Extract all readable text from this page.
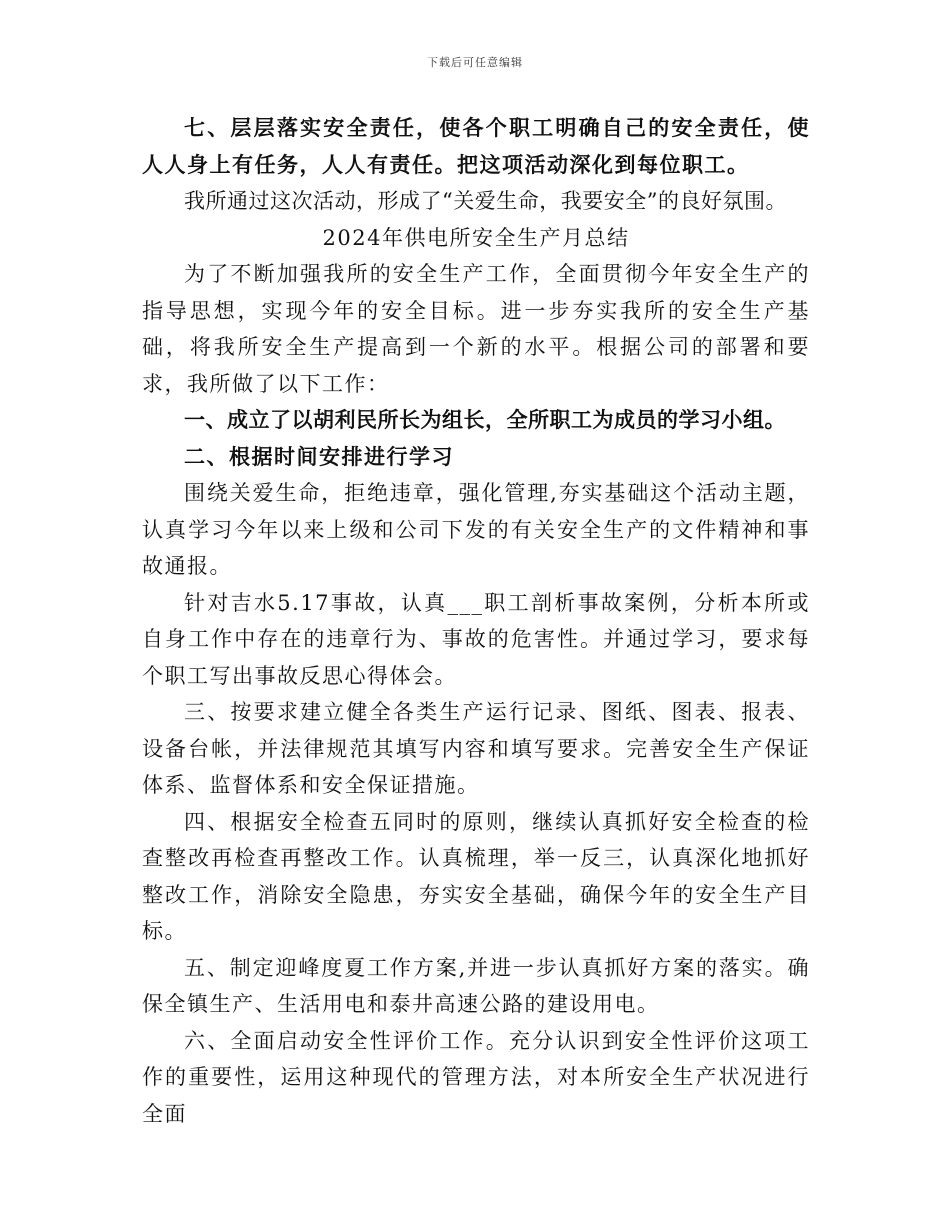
下载后可任意编辑

七、层层落实安全责任，使各个职工明确自己的安全责任，使人人身上有任务，人人有责任。把这项活动深化到每位职工。

我所通过这次活动，形成了“关爱生命，我要安全”的良好氛围。

2024年供电所安全生产月总结

为了不断加强我所的安全生产工作，全面贯彻今年安全生产的指导思想，实现今年的安全目标。进一步夯实我所的安全生产基础，将我所安全生产提高到一个新的水平。根据公司的部署和要求，我所做了以下工作：

一、成立了以胡利民所长为组长，全所职工为成员的学习小组。

二、根据时间安排进行学习

围绕关爱生命，拒绝违章，强化管理,夯实基础这个活动主题，认真学习今年以来上级和公司下发的有关安全生产的文件精神和事故通报。

针对吉水5.17事故，认真___职工剖析事故案例，分析本所或自身工作中存在的违章行为、事故的危害性。并通过学习，要求每个职工写出事故反思心得体会。

三、按要求建立健全各类生产运行记录、图纸、图表、报表、设备台帐，并法律规范其填写内容和填写要求。完善安全生产保证体系、监督体系和安全保证措施。

四、根据安全检查五同时的原则，继续认真抓好安全检查的检查整改再检查再整改工作。认真梳理，举一反三，认真深化地抓好整改工作，消除安全隐患，夯实安全基础，确保今年的安全生产目标。

五、制定迎峰度夏工作方案,并进一步认真抓好方案的落实。确保全镇生产、生活用电和泰井高速公路的建设用电。

六、全面启动安全性评价工作。充分认识到安全性评价这项工作的重要性，运用这种现代的管理方法，对本所安全生产状况进行全面
